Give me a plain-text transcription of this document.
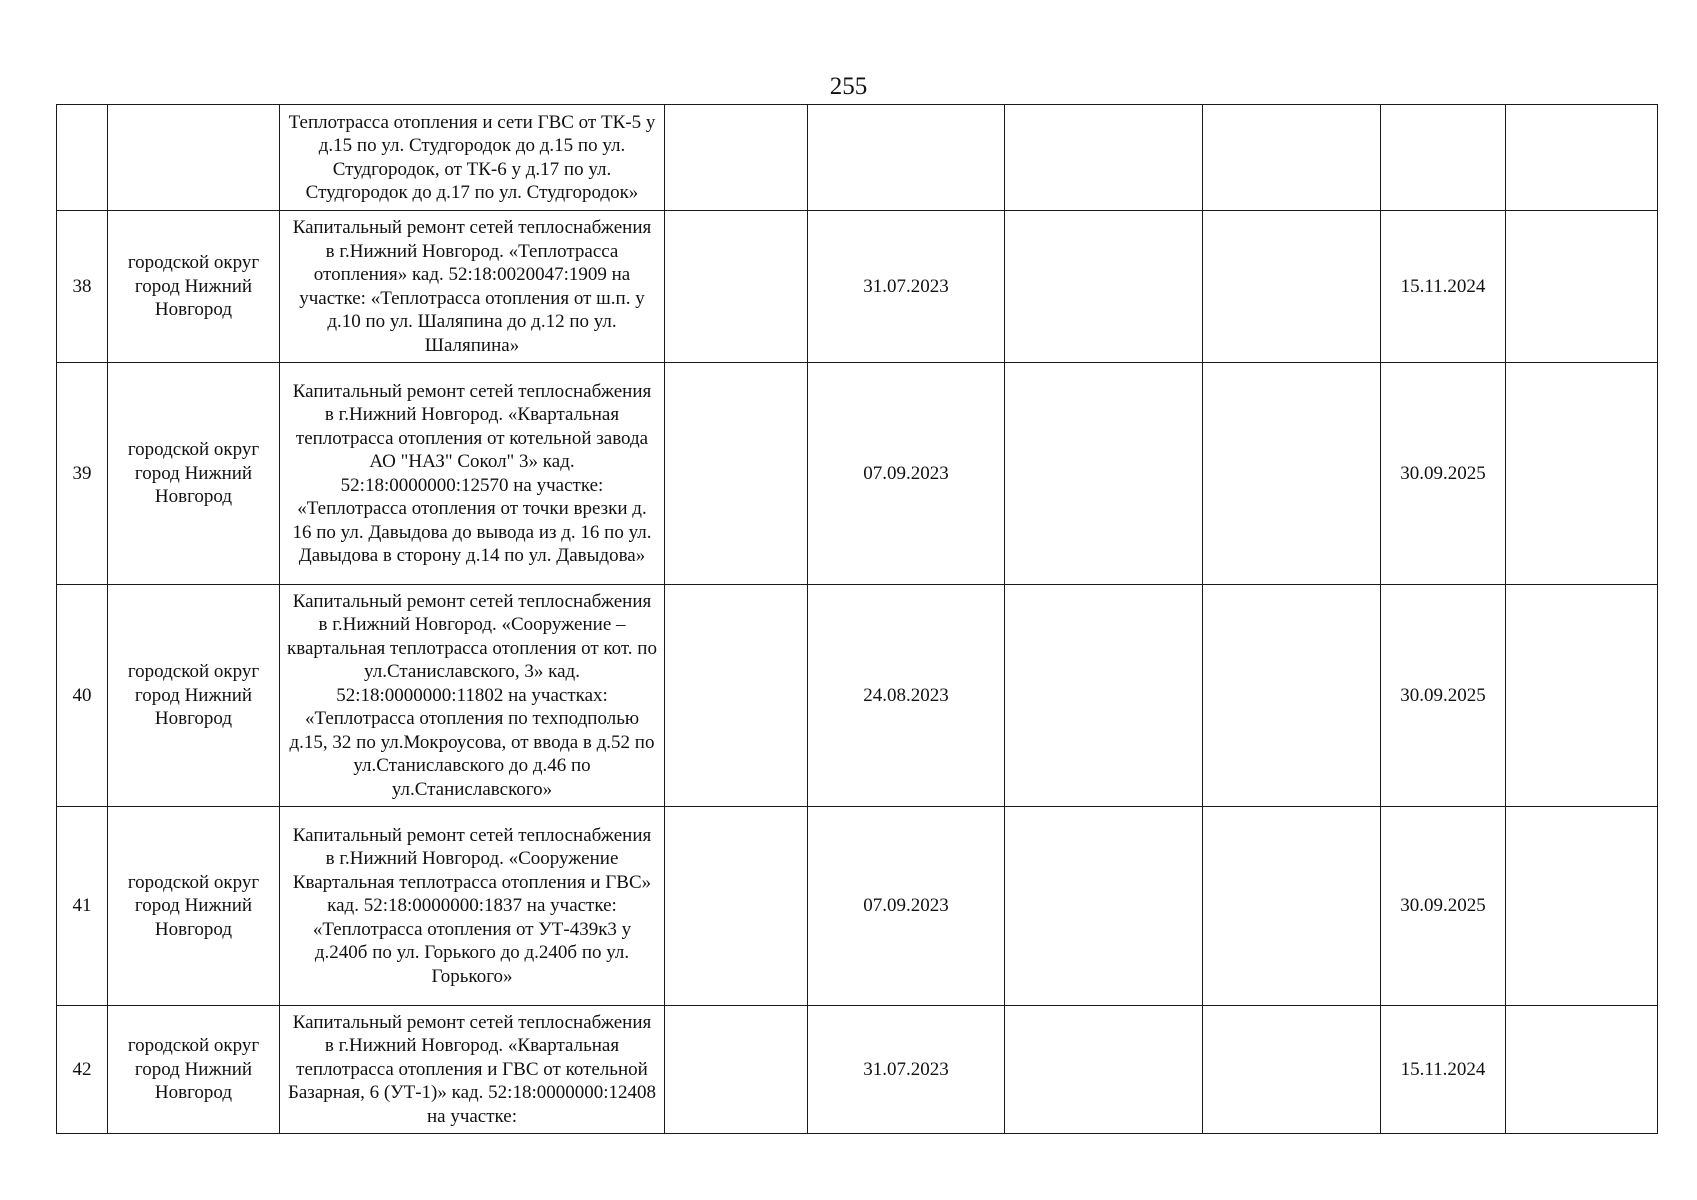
255
		Теплотрасса отопления и сети ГВС от ТК-5 у д.15 по ул. Студгородок до д.15 по ул. Студгородок, от ТК-6 у д.17 по ул. Студгородок до д.17 по ул. Студгородок»						
38	городской округ город Нижний Новгород	Капитальный ремонт сетей теплоснабжения в г.Нижний Новгород. «Теплотрасса отопления» кад. 52:18:0020047:1909 на участке: «Теплотрасса отопления от ш.п. у д.10 по ул. Шаляпина до д.12 по ул. Шаляпина»		31.07.2023			15.11.2024	
39	городской округ город Нижний Новгород	Капитальный ремонт сетей теплоснабжения в г.Нижний Новгород. «Квартальная теплотрасса отопления от котельной завода АО "НАЗ" Сокол" 3» кад. 52:18:0000000:12570 на участке: «Теплотрасса отопления от точки врезки д. 16 по ул. Давыдова до вывода из д. 16 по ул. Давыдова в сторону д.14 по ул. Давыдова»		07.09.2023			30.09.2025	
40	городской округ город Нижний Новгород	Капитальный ремонт сетей теплоснабжения в г.Нижний Новгород. «Сооружение – квартальная теплотрасса отопления от кот. по ул.Станиславского, 3» кад. 52:18:0000000:11802 на участках: «Теплотрасса отопления по техподполью д.15, 32 по ул.Мокроусова, от ввода в д.52 по ул.Станиславского до д.46 по ул.Станиславского»		24.08.2023			30.09.2025	
41	городской округ город Нижний Новгород	Капитальный ремонт сетей теплоснабжения в г.Нижний Новгород. «Сооружение Квартальная теплотрасса отопления и ГВС» кад. 52:18:0000000:1837 на участке: «Теплотрасса отопления от УТ-439к3 у д.240б по ул. Горького до д.240б по ул. Горького»		07.09.2023			30.09.2025	
42	городской округ город Нижний Новгород	Капитальный ремонт сетей теплоснабжения в г.Нижний Новгород. «Квартальная теплотрасса отопления и ГВС от котельной Базарная, 6 (УТ-1)» кад. 52:18:0000000:12408 на участке:		31.07.2023			15.11.2024	
